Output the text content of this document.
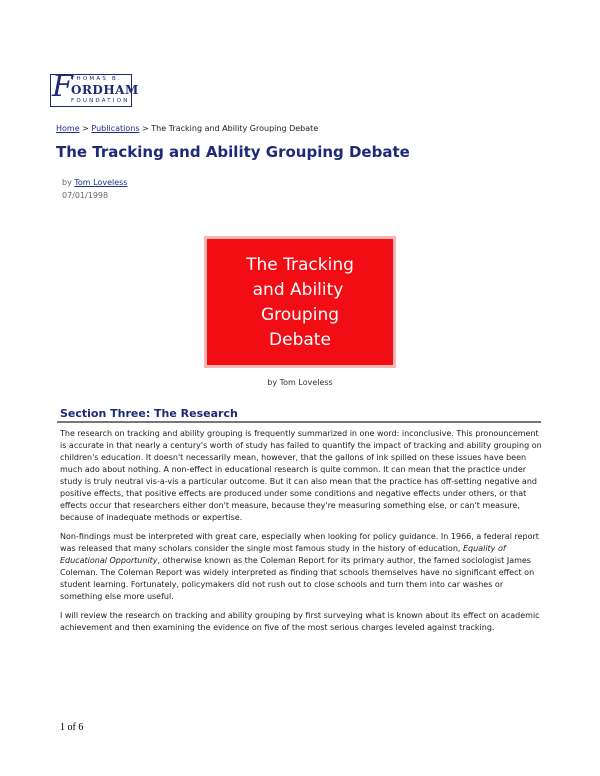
F
THOMAS B.
ORDHAM
FOUNDATION
Home > Publications > The Tracking and Ability Grouping Debate
The Tracking and Ability Grouping Debate
by Tom Loveless
07/01/1998
The Tracking
and Ability
Grouping
Debate
by Tom Loveless
Section Three: The Research

The research on tracking and ability grouping is frequently summarized in one word: inconclusive. This pronouncement is accurate in that nearly a century's worth of study has failed to quantify the impact of tracking and ability grouping on children's education. It doesn't necessarily mean, however, that the gallons of ink spilled on these issues have been much ado about nothing. A non-effect in educational research is quite common. It can mean that the practice under study is truly neutral vis-a-vis a particular outcome. But it can also mean that the practice has off-setting negative and positive effects, that positive effects are produced under some conditions and negative effects under others, or that effects occur that researchers either don't measure, because they're measuring something else, or can't measure, because of inadequate methods or expertise.

Non-findings must be interpreted with great care, especially when looking for policy guidance. In 1966, a federal report was released that many scholars consider the single most famous study in the history of education, Equality of Educational Opportunity, otherwise known as the Coleman Report for its primary author, the famed sociologist James Coleman. The Coleman Report was widely interpreted as finding that schools themselves have no significant effect on student learning. Fortunately, policymakers did not rush out to close schools and turn them into car washes or something else more useful.

I will review the research on tracking and ability grouping by first surveying what is known about its effect on academic achievement and then examining the evidence on five of the most serious charges leveled against tracking.

1 of 6
